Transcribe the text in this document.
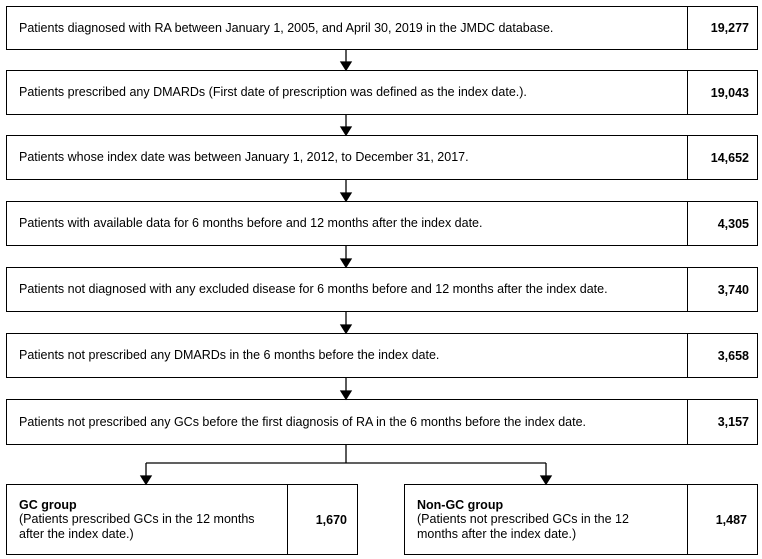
Patients diagnosed with RA between January 1, 2005, and April 30, 2019 in the JMDC database.	19,277
Patients prescribed any DMARDs (First date of prescription was defined as the index date.).	19,043
Patients whose index date was between January 1, 2012, to December 31, 2017.	14,652
Patients with available data for 6 months before and 12 months after the index date.	4,305
Patients not diagnosed with any excluded disease for 6 months before and 12 months after the index date.	3,740
Patients not prescribed any DMARDs in the 6 months before the index date.	3,658
Patients not prescribed any GCs before the first diagnosis of RA in the 6 months before the index date.	3,157
GC group
(Patients prescribed GCs in the 12 months after the index date.)
1,670
Non-GC group
(Patients not prescribed GCs in the 12 months after the index date.)
1,487
